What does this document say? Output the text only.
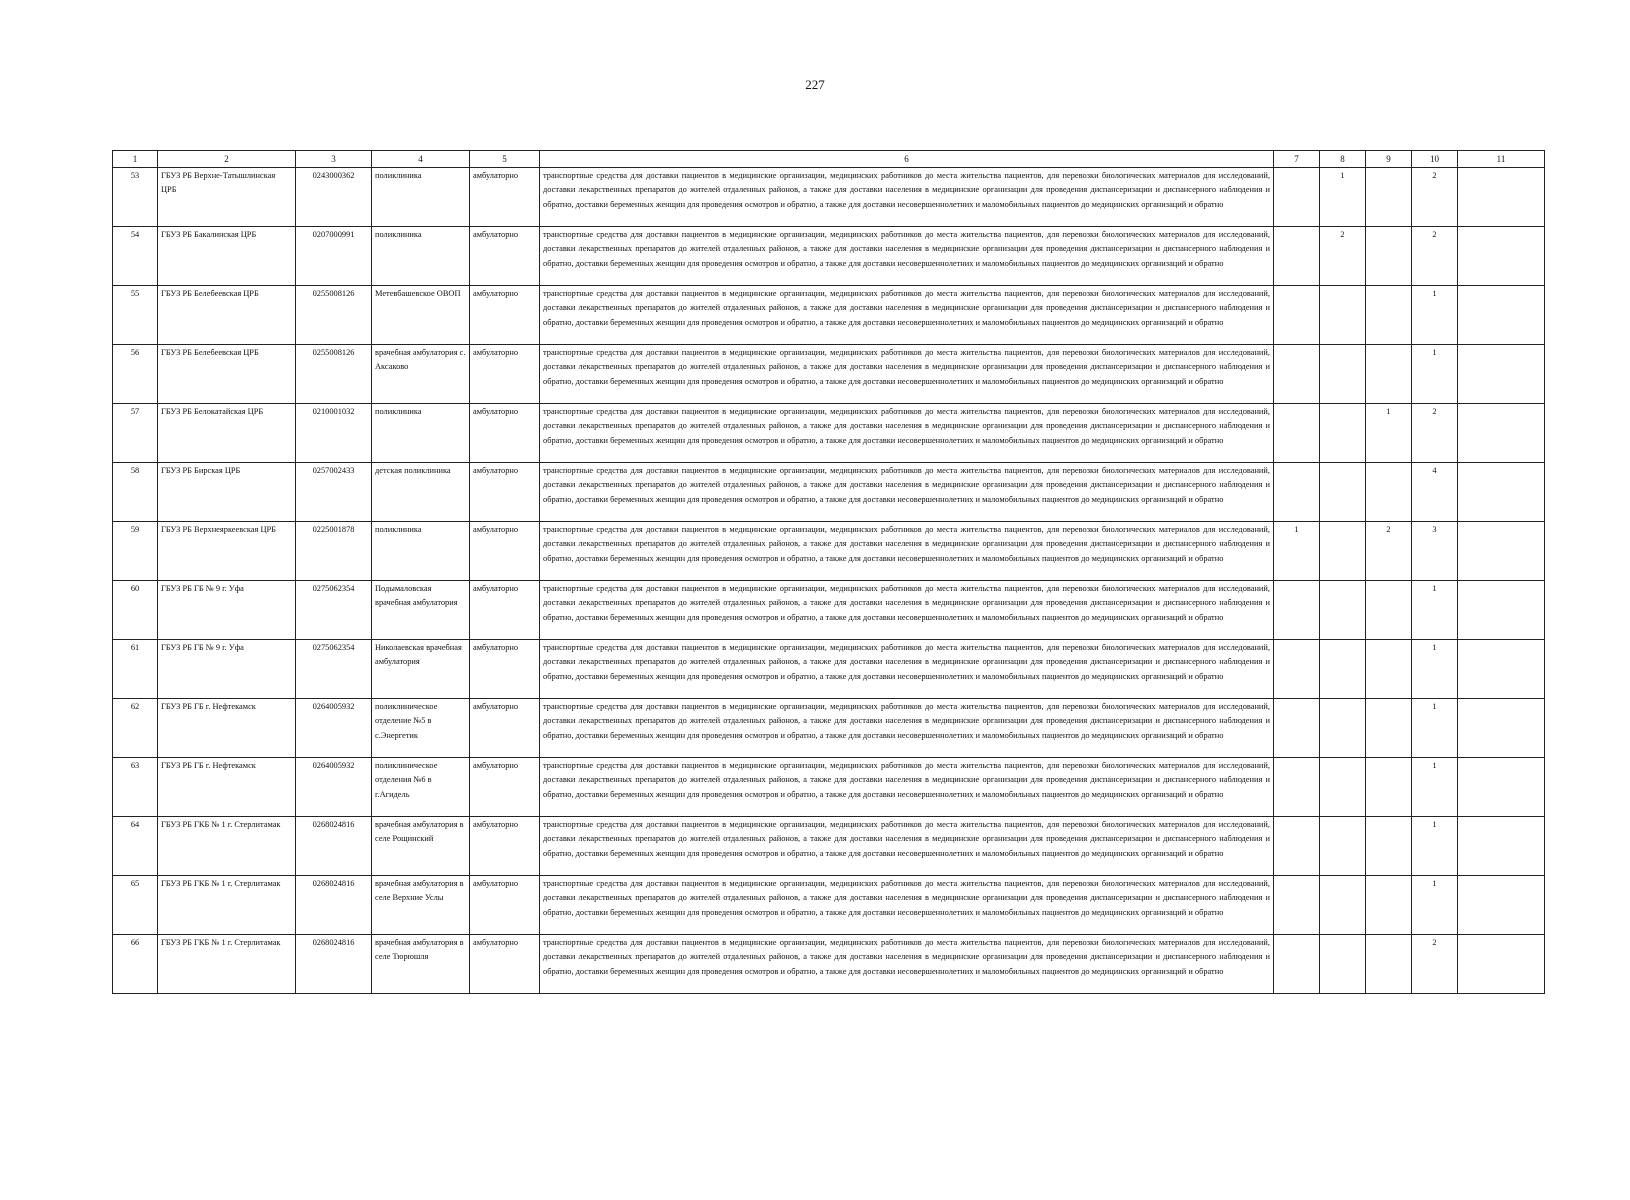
227
1	2	3	4	5	6	7	8	9	10	11
53	ГБУЗ РБ Верхне-Татышлинская ЦРБ	0243000362	поликлиника	амбулаторно	транспортные средства для доставки пациентов в медицинские организации, медицинских работников до места жительства пациентов, для перевозки биологических материалов для исследований, доставки лекарственных препаратов до жителей отдаленных районов, а также для доставки населения в медицинские организации для проведения диспансеризации и диспансерного наблюдения и обратно, доставки беременных женщин для проведения осмотров и обратно, а также для доставки несовершеннолетних и маломобильных пациентов до медицинских организаций и обратно		1		2	
54	ГБУЗ РБ Бакалинская ЦРБ	0207000991	поликлиника	амбулаторно	транспортные средства для доставки пациентов в медицинские организации, медицинских работников до места жительства пациентов, для перевозки биологических материалов для исследований, доставки лекарственных препаратов до жителей отдаленных районов, а также для доставки населения в медицинские организации для проведения диспансеризации и диспансерного наблюдения и обратно, доставки беременных женщин для проведения осмотров и обратно, а также для доставки несовершеннолетних и маломобильных пациентов до медицинских организаций и обратно		2		2	
55	ГБУЗ РБ Белебеевская ЦРБ	0255008126	Метевбашевское ОВОП	амбулаторно	транспортные средства для доставки пациентов в медицинские организации, медицинских работников до места жительства пациентов, для перевозки биологических материалов для исследований, доставки лекарственных препаратов до жителей отдаленных районов, а также для доставки населения в медицинские организации для проведения диспансеризации и диспансерного наблюдения и обратно, доставки беременных женщин для проведения осмотров и обратно, а также для доставки несовершеннолетних и маломобильных пациентов до медицинских организаций и обратно				1	
56	ГБУЗ РБ Белебеевская ЦРБ	0255008126	врачебная амбулатория с. Аксаково	амбулаторно	транспортные средства для доставки пациентов в медицинские организации, медицинских работников до места жительства пациентов, для перевозки биологических материалов для исследований, доставки лекарственных препаратов до жителей отдаленных районов, а также для доставки населения в медицинские организации для проведения диспансеризации и диспансерного наблюдения и обратно, доставки беременных женщин для проведения осмотров и обратно, а также для доставки несовершеннолетних и маломобильных пациентов до медицинских организаций и обратно				1	
57	ГБУЗ РБ Белокатайская ЦРБ	0210001032	поликлиника	амбулаторно	транспортные средства для доставки пациентов в медицинские организации, медицинских работников до места жительства пациентов, для перевозки биологических материалов для исследований, доставки лекарственных препаратов до жителей отдаленных районов, а также для доставки населения в медицинские организации для проведения диспансеризации и диспансерного наблюдения и обратно, доставки беременных женщин для проведения осмотров и обратно, а также для доставки несовершеннолетних и маломобильных пациентов до медицинских организаций и обратно			1	2	
58	ГБУЗ РБ Бирская ЦРБ	0257002433	детская поликлиника	амбулаторно	транспортные средства для доставки пациентов в медицинские организации, медицинских работников до места жительства пациентов, для перевозки биологических материалов для исследований, доставки лекарственных препаратов до жителей отдаленных районов, а также для доставки населения в медицинские организации для проведения диспансеризации и диспансерного наблюдения и обратно, доставки беременных женщин для проведения осмотров и обратно, а также для доставки несовершеннолетних и маломобильных пациентов до медицинских организаций и обратно				4	
59	ГБУЗ РБ Верхнеяркеевская ЦРБ	0225001878	поликлиника	амбулаторно	транспортные средства для доставки пациентов в медицинские организации, медицинских работников до места жительства пациентов, для перевозки биологических материалов для исследований, доставки лекарственных препаратов до жителей отдаленных районов, а также для доставки населения в медицинские организации для проведения диспансеризации и диспансерного наблюдения и обратно, доставки беременных женщин для проведения осмотров и обратно, а также для доставки несовершеннолетних и маломобильных пациентов до медицинских организаций и обратно	1		2	3	
60	ГБУЗ РБ ГБ № 9 г. Уфа	0275062354	Подымаловская врачебная амбулатория	амбулаторно	транспортные средства для доставки пациентов в медицинские организации, медицинских работников до места жительства пациентов, для перевозки биологических материалов для исследований, доставки лекарственных препаратов до жителей отдаленных районов, а также для доставки населения в медицинские организации для проведения диспансеризации и диспансерного наблюдения и обратно, доставки беременных женщин для проведения осмотров и обратно, а также для доставки несовершеннолетних и маломобильных пациентов до медицинских организаций и обратно				1	
61	ГБУЗ РБ ГБ № 9 г. Уфа	0275062354	Николаевская врачебная амбулатория	амбулаторно	транспортные средства для доставки пациентов в медицинские организации, медицинских работников до места жительства пациентов, для перевозки биологических материалов для исследований, доставки лекарственных препаратов до жителей отдаленных районов, а также для доставки населения в медицинские организации для проведения диспансеризации и диспансерного наблюдения и обратно, доставки беременных женщин для проведения осмотров и обратно, а также для доставки несовершеннолетних и маломобильных пациентов до медицинских организаций и обратно				1	
62	ГБУЗ РБ ГБ г. Нефтекамск	0264005932	поликлиническое отделение №5 в с.Энергетик	амбулаторно	транспортные средства для доставки пациентов в медицинские организации, медицинских работников до места жительства пациентов, для перевозки биологических материалов для исследований, доставки лекарственных препаратов до жителей отдаленных районов, а также для доставки населения в медицинские организации для проведения диспансеризации и диспансерного наблюдения и обратно, доставки беременных женщин для проведения осмотров и обратно, а также для доставки несовершеннолетних и маломобильных пациентов до медицинских организаций и обратно				1	
63	ГБУЗ РБ ГБ г. Нефтекамск	0264005932	поликлиническое отделения №6 в г.Агидель	амбулаторно	транспортные средства для доставки пациентов в медицинские организации, медицинских работников до места жительства пациентов, для перевозки биологических материалов для исследований, доставки лекарственных препаратов до жителей отдаленных районов, а также для доставки населения в медицинские организации для проведения диспансеризации и диспансерного наблюдения и обратно, доставки беременных женщин для проведения осмотров и обратно, а также для доставки несовершеннолетних и маломобильных пациентов до медицинских организаций и обратно				1	
64	ГБУЗ РБ ГКБ № 1 г. Стерлитамак	0268024816	врачебная амбулатория в селе Рощинский	амбулаторно	транспортные средства для доставки пациентов в медицинские организации, медицинских работников до места жительства пациентов, для перевозки биологических материалов для исследований, доставки лекарственных препаратов до жителей отдаленных районов, а также для доставки населения в медицинские организации для проведения диспансеризации и диспансерного наблюдения и обратно, доставки беременных женщин для проведения осмотров и обратно, а также для доставки несовершеннолетних и маломобильных пациентов до медицинских организаций и обратно				1	
65	ГБУЗ РБ ГКБ № 1 г. Стерлитамак	0268024816	врачебная амбулатория в селе Верхние Услы	амбулаторно	транспортные средства для доставки пациентов в медицинские организации, медицинских работников до места жительства пациентов, для перевозки биологических материалов для исследований, доставки лекарственных препаратов до жителей отдаленных районов, а также для доставки населения в медицинские организации для проведения диспансеризации и диспансерного наблюдения и обратно, доставки беременных женщин для проведения осмотров и обратно, а также для доставки несовершеннолетних и маломобильных пациентов до медицинских организаций и обратно				1	
66	ГБУЗ РБ ГКБ № 1 г. Стерлитамак	0268024816	врачебная амбулатория в селе Тюрюшля	амбулаторно	транспортные средства для доставки пациентов в медицинские организации, медицинских работников до места жительства пациентов, для перевозки биологических материалов для исследований, доставки лекарственных препаратов до жителей отдаленных районов, а также для доставки населения в медицинские организации для проведения диспансеризации и диспансерного наблюдения и обратно, доставки беременных женщин для проведения осмотров и обратно, а также для доставки несовершеннолетних и маломобильных пациентов до медицинских организаций и обратно				2	
